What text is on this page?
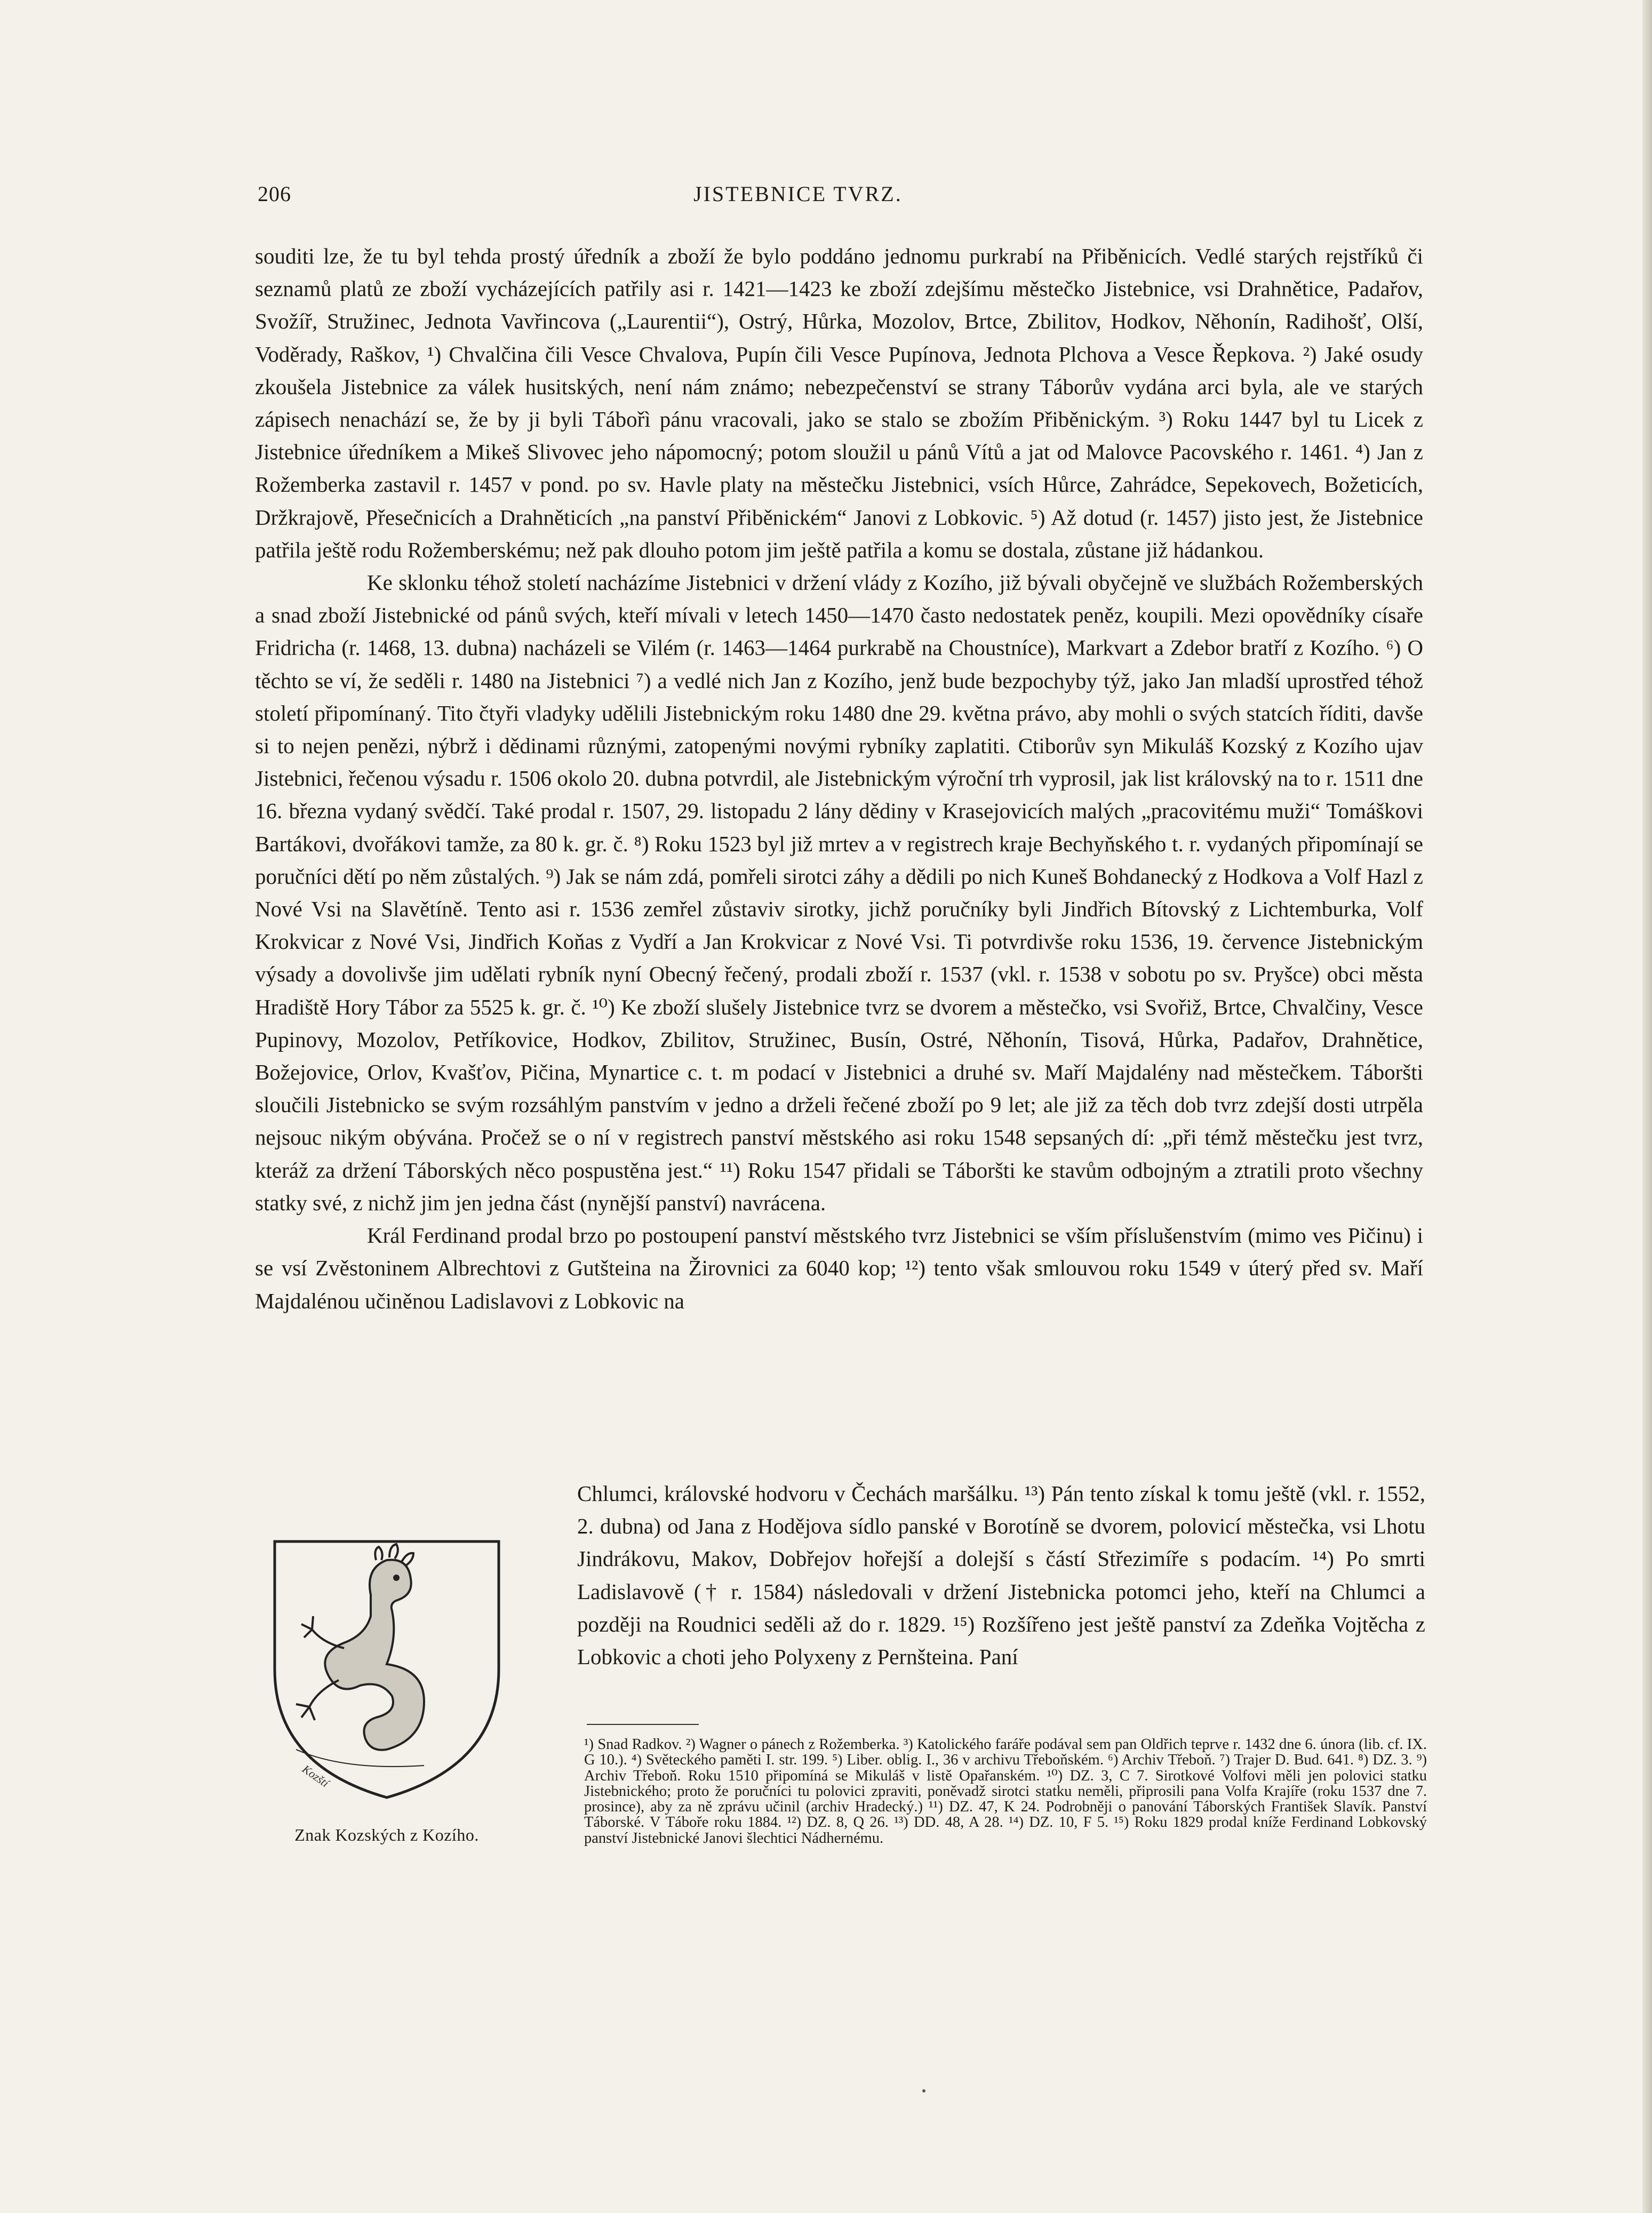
206	JISTEBNICE TVRZ.

souditi lze, že tu byl tehda prostý úředník a zboží že bylo poddáno jednomu purkrabí na Přiběnicích. Vedlé starých rejstříků či seznamů platů ze zboží vycházejících patřily asi r. 1421—1423 ke zboží zdejšímu městečko Jistebnice, vsi Drahnětice, Padařov, Svožíř, Stružinec, Jednota Vavřincova („Laurentii“), Ostrý, Hůrka, Mozolov, Brtce, Zbilitov, Hodkov, Něhonín, Radihošť, Olší, Voděrady, Raškov, ¹) Chvalčina čili Vesce Chvalova, Pupín čili Vesce Pupínova, Jednota Plchova a Vesce Řepkova. ²) Jaké osudy zkoušela Jistebnice za válek husitských, není nám známo; nebezpečenství se strany Táborův vydána arci byla, ale ve starých zápisech nenachází se, že by ji byli Tábořì pánu vracovali, jako se stalo se zbožím Přiběnickým. ³) Roku 1447 byl tu Licek z Jistebnice úředníkem a Mikeš Slivovec jeho nápomocný; potom sloužil u pánů Vítů a jat od Malovce Pacovského r. 1461. ⁴) Jan z Rožemberka zastavil r. 1457 v pond. po sv. Havle platy na městečku Jistebnici, vsích Hůrce, Zahrádce, Sepekovech, Božeticích, Držkrajově, Přesečnicích a Drahněticích „na panství Přiběnickém“ Janovi z Lobkovic. ⁵) Až dotud (r. 1457) jisto jest, že Jistebnice patřila ještě rodu Rožemberskému; než pak dlouho potom jim ještě patřila a komu se dostala, zůstane již hádankou.

Ke sklonku téhož století nacházíme Jistebnici v držení vlády z Kozího, již bývali obyčejně ve službách Rožemberských a snad zboží Jistebnické od pánů svých, kteří mívali v letech 1450—1470 často nedostatek peněz, koupili. Mezi opovědníky císaře Fridricha (r. 1468, 13. dubna) nacházeli se Vilém (r. 1463—1464 purkrabě na Choustníce), Markvart a Zdebor bratří z Kozího. ⁶) O těchto se ví, že seděli r. 1480 na Jistebnici ⁷) a vedlé nich Jan z Kozího, jenž bude bezpochyby týž, jako Jan mladší uprostřed téhož století připomínaný. Tito čtyři vladyky udělili Jistebnickým roku 1480 dne 29. května právo, aby mohli o svých statcích říditi, davše si to nejen penězi, nýbrž i dědinami různými, zatopenými novými rybníky zaplatiti. Ctiborův syn Mikuláš Kozský z Kozího ujav Jistebnici, řečenou výsadu r. 1506 okolo 20. dubna potvrdil, ale Jistebnickým výroční trh vyprosil, jak list královský na to r. 1511 dne 16. března vydaný svědčí. Také prodal r. 1507, 29. listopadu 2 lány dědiny v Krasejovicích malých „pracovitému muži“ Tomáškovi Bartákovi, dvořákovi tamže, za 80 k. gr. č. ⁸) Roku 1523 byl již mrtev a v registrech kraje Bechyňského t. r. vydaných připomínají se poručníci dětí po něm zůstalých. ⁹) Jak se nám zdá, pomřeli sirotci záhy a dědili po nich Kuneš Bohdanecký z Hodkova a Volf Hazl z Nové Vsi na Slavětíně. Tento asi r. 1536 zemřel zůstaviv sirotky, jichž poručníky byli Jindřich Bítovský z Lichtemburka, Volf Krokvicar z Nové Vsi, Jindřich Koňas z Vydří a Jan Krokvicar z Nové Vsi. Ti potvrdivše roku 1536, 19. července Jistebnickým výsady a dovolivše jim udělati rybník nyní Obecný řečený, prodali zboží r. 1537 (vkl. r. 1538 v sobotu po sv. Pryšce) obci města Hradiště Hory Tábor za 5525 k. gr. č. ¹⁰) Ke zboží slušely Jistebnice tvrz se dvorem a městečko, vsi Svořiž, Brtce, Chvalčiny, Vesce Pupinovy, Mozolov, Petříkovice, Hodkov, Zbilitov, Stružinec, Busín, Ostré, Něhonín, Tisová, Hůrka, Padařov, Drahnětice, Božejovice, Orlov, Kvašťov, Pičina, Mynartice c. t. m podací v Jistebnici a druhé sv. Maří Majdalény nad městečkem. Táboršti sloučili Jistebnicko se svým rozsáhlým panstvím v jedno a drželi řečené zboží po 9 let; ale již za těch dob tvrz zdejší dosti utrpěla nejsouc nikým obývána. Pročež se o ní v registrech panství městského asi roku 1548 sepsaných dí: „při témž městečku jest tvrz, kteráž za držení Táborských něco pospustěna jest.“ ¹¹) Roku 1547 přidali se Táboršti ke stavům odbojným a ztratili proto všechny statky své, z nichž jim jen jedna část (nynější panství) navrácena.

Král Ferdinand prodal brzo po postoupení panství městského tvrz Jistebnici se vším příslušenstvím (mimo ves Pičinu) i se vsí Zvěstoninem Albrechtovi z Gutšteina na Žirovnici za 6040 kop; ¹²) tento však smlouvou roku 1549 v úterý před sv. Maří Majdalénou učiněnou Ladislavovi z Lobkovic na

Chlumci, královské hodvoru v Čechách maršálku. ¹³) Pán tento získal k tomu ještě (vkl. r. 1552, 2. dubna) od Jana z Hodějova sídlo panské v Borotíně se dvorem, polovicí městečka, vsi Lhotu Jindrákovu, Makov, Dobřejov hořejší a dolejší s částí Střezimíře s podacím. ¹⁴) Po smrti Ladislavově († r. 1584) následovali v držení Jistebnicka potomci jeho, kteří na Chlumci a později na Roudnici seděli až do r. 1829. ¹⁵) Rozšířeno jest ještě panství za Zdeňka Vojtěcha z Lobkovic a choti jeho Polyxeny z Pernšteina. Paní
Kozští
Znak Kozských z Kozího.
¹) Snad Radkov. ²) Wagner o pánech z Rožemberka. ³) Katolického faráře podával sem pan Oldřich teprve r. 1432 dne 6. února (lib. cf. IX. G 10.). ⁴) Světeckého paměti I. str. 199. ⁵) Liber. oblig. I., 36 v archivu Třeboňském. ⁶) Archiv Třeboň. ⁷) Trajer D. Bud. 641. ⁸) DZ. 3. ⁹) Archiv Třeboň. Roku 1510 připomíná se Mikuláš v listě Opařanském. ¹⁰) DZ. 3, C 7. Sirotkové Volfovi měli jen polovici statku Jistebnického; proto že poručníci tu polovici zpraviti, poněvadž sirotci statku neměli, připrosili pana Volfa Krajíře (roku 1537 dne 7. prosince), aby za ně zprávu učinil (archiv Hradecký.) ¹¹) DZ. 47, K 24. Podrobněji o panování Táborských František Slavík. Panství Táborské. V Táboře roku 1884. ¹²) DZ. 8, Q 26. ¹³) DD. 48, A 28. ¹⁴) DZ. 10, F 5. ¹⁵) Roku 1829 prodal kníže Ferdinand Lobkovský panství Jistebnické Janovi šlechtici Nádhernému.
